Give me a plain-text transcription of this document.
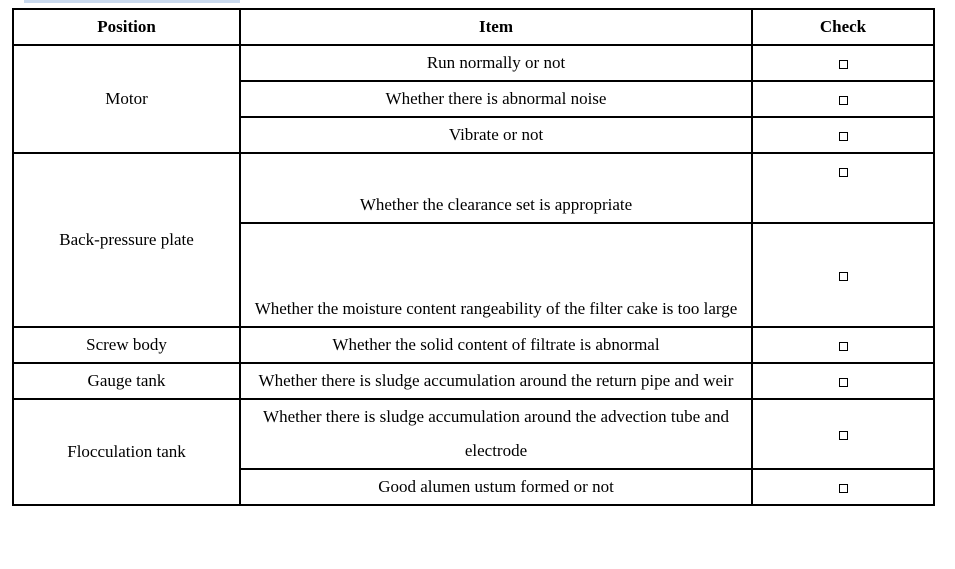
Position	Item	Check
Motor	Run normally or not	
	Whether there is abnormal noise	
	Vibrate or not	
Back-pressure plate	Whether the clearance set is appropriate	
	Whether the moisture content rangeability of the filter cake is too large	
Screw body	Whether the solid content of filtrate is abnormal	
Gauge tank	Whether there is sludge accumulation around the return pipe and weir	
Flocculation tank	Whether there is sludge accumulation around the advection tube and electrode	
	Good alumen ustum formed or not	
